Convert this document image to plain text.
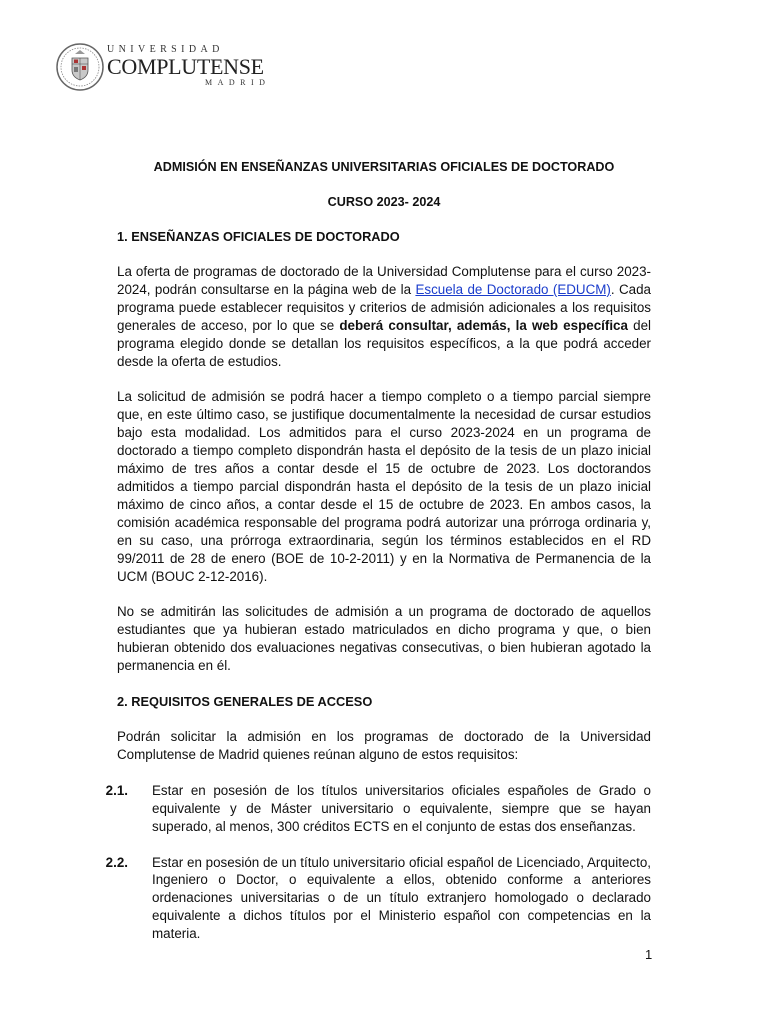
UNIVERSIDAD
COMPLUTENSE
MADRID
ADMISIÓN EN ENSEÑANZAS UNIVERSITARIAS OFICIALES DE DOCTORADO
CURSO 2023- 2024
1. ENSEÑANZAS OFICIALES DE DOCTORADO

La oferta de programas de doctorado de la Universidad Complutense para el curso 2023-2024, podrán consultarse en la página web de la Escuela de Doctorado (EDUCM). Cada programa puede establecer requisitos y criterios de admisión adicionales a los requisitos generales de acceso, por lo que se deberá consultar, además, la web específica del programa elegido donde se detallan los requisitos específicos, a la que podrá acceder desde la oferta de estudios.

La solicitud de admisión se podrá hacer a tiempo completo o a tiempo parcial siempre que, en este último caso, se justifique documentalmente la necesidad de cursar estudios bajo esta modalidad. Los admitidos para el curso 2023-2024 en un programa de doctorado a tiempo completo dispondrán hasta el depósito de la tesis de un plazo inicial máximo de tres años a contar desde el 15 de octubre de 2023. Los doctorandos admitidos a tiempo parcial dispondrán hasta el depósito de la tesis de un plazo inicial máximo de cinco años, a contar desde el 15 de octubre de 2023. En ambos casos, la comisión académica responsable del programa podrá autorizar una prórroga ordinaria y, en su caso, una prórroga extraordinaria, según los términos establecidos en el RD 99/2011 de 28 de enero (BOE de 10-2-2011) y en la Normativa de Permanencia de la UCM (BOUC 2-12-2016).

No se admitirán las solicitudes de admisión a un programa de doctorado de aquellos estudiantes que ya hubieran estado matriculados en dicho programa y que, o bien hubieran obtenido dos evaluaciones negativas consecutivas, o bien hubieran agotado la permanencia en él.

2. REQUISITOS GENERALES DE ACCESO

Podrán solicitar la admisión en los programas de doctorado de la Universidad Complutense de Madrid quienes reúnan alguno de estos requisitos:

2.1. Estar en posesión de los títulos universitarios oficiales españoles de Grado o equivalente y de Máster universitario o equivalente, siempre que se hayan superado, al menos, 300 créditos ECTS en el conjunto de estas dos enseñanzas.
2.2. Estar en posesión de un título universitario oficial español de Licenciado, Arquitecto, Ingeniero o Doctor, o equivalente a ellos, obtenido conforme a anteriores ordenaciones universitarias o de un título extranjero homologado o declarado equivalente a dichos títulos por el Ministerio español con competencias en la materia.
1
